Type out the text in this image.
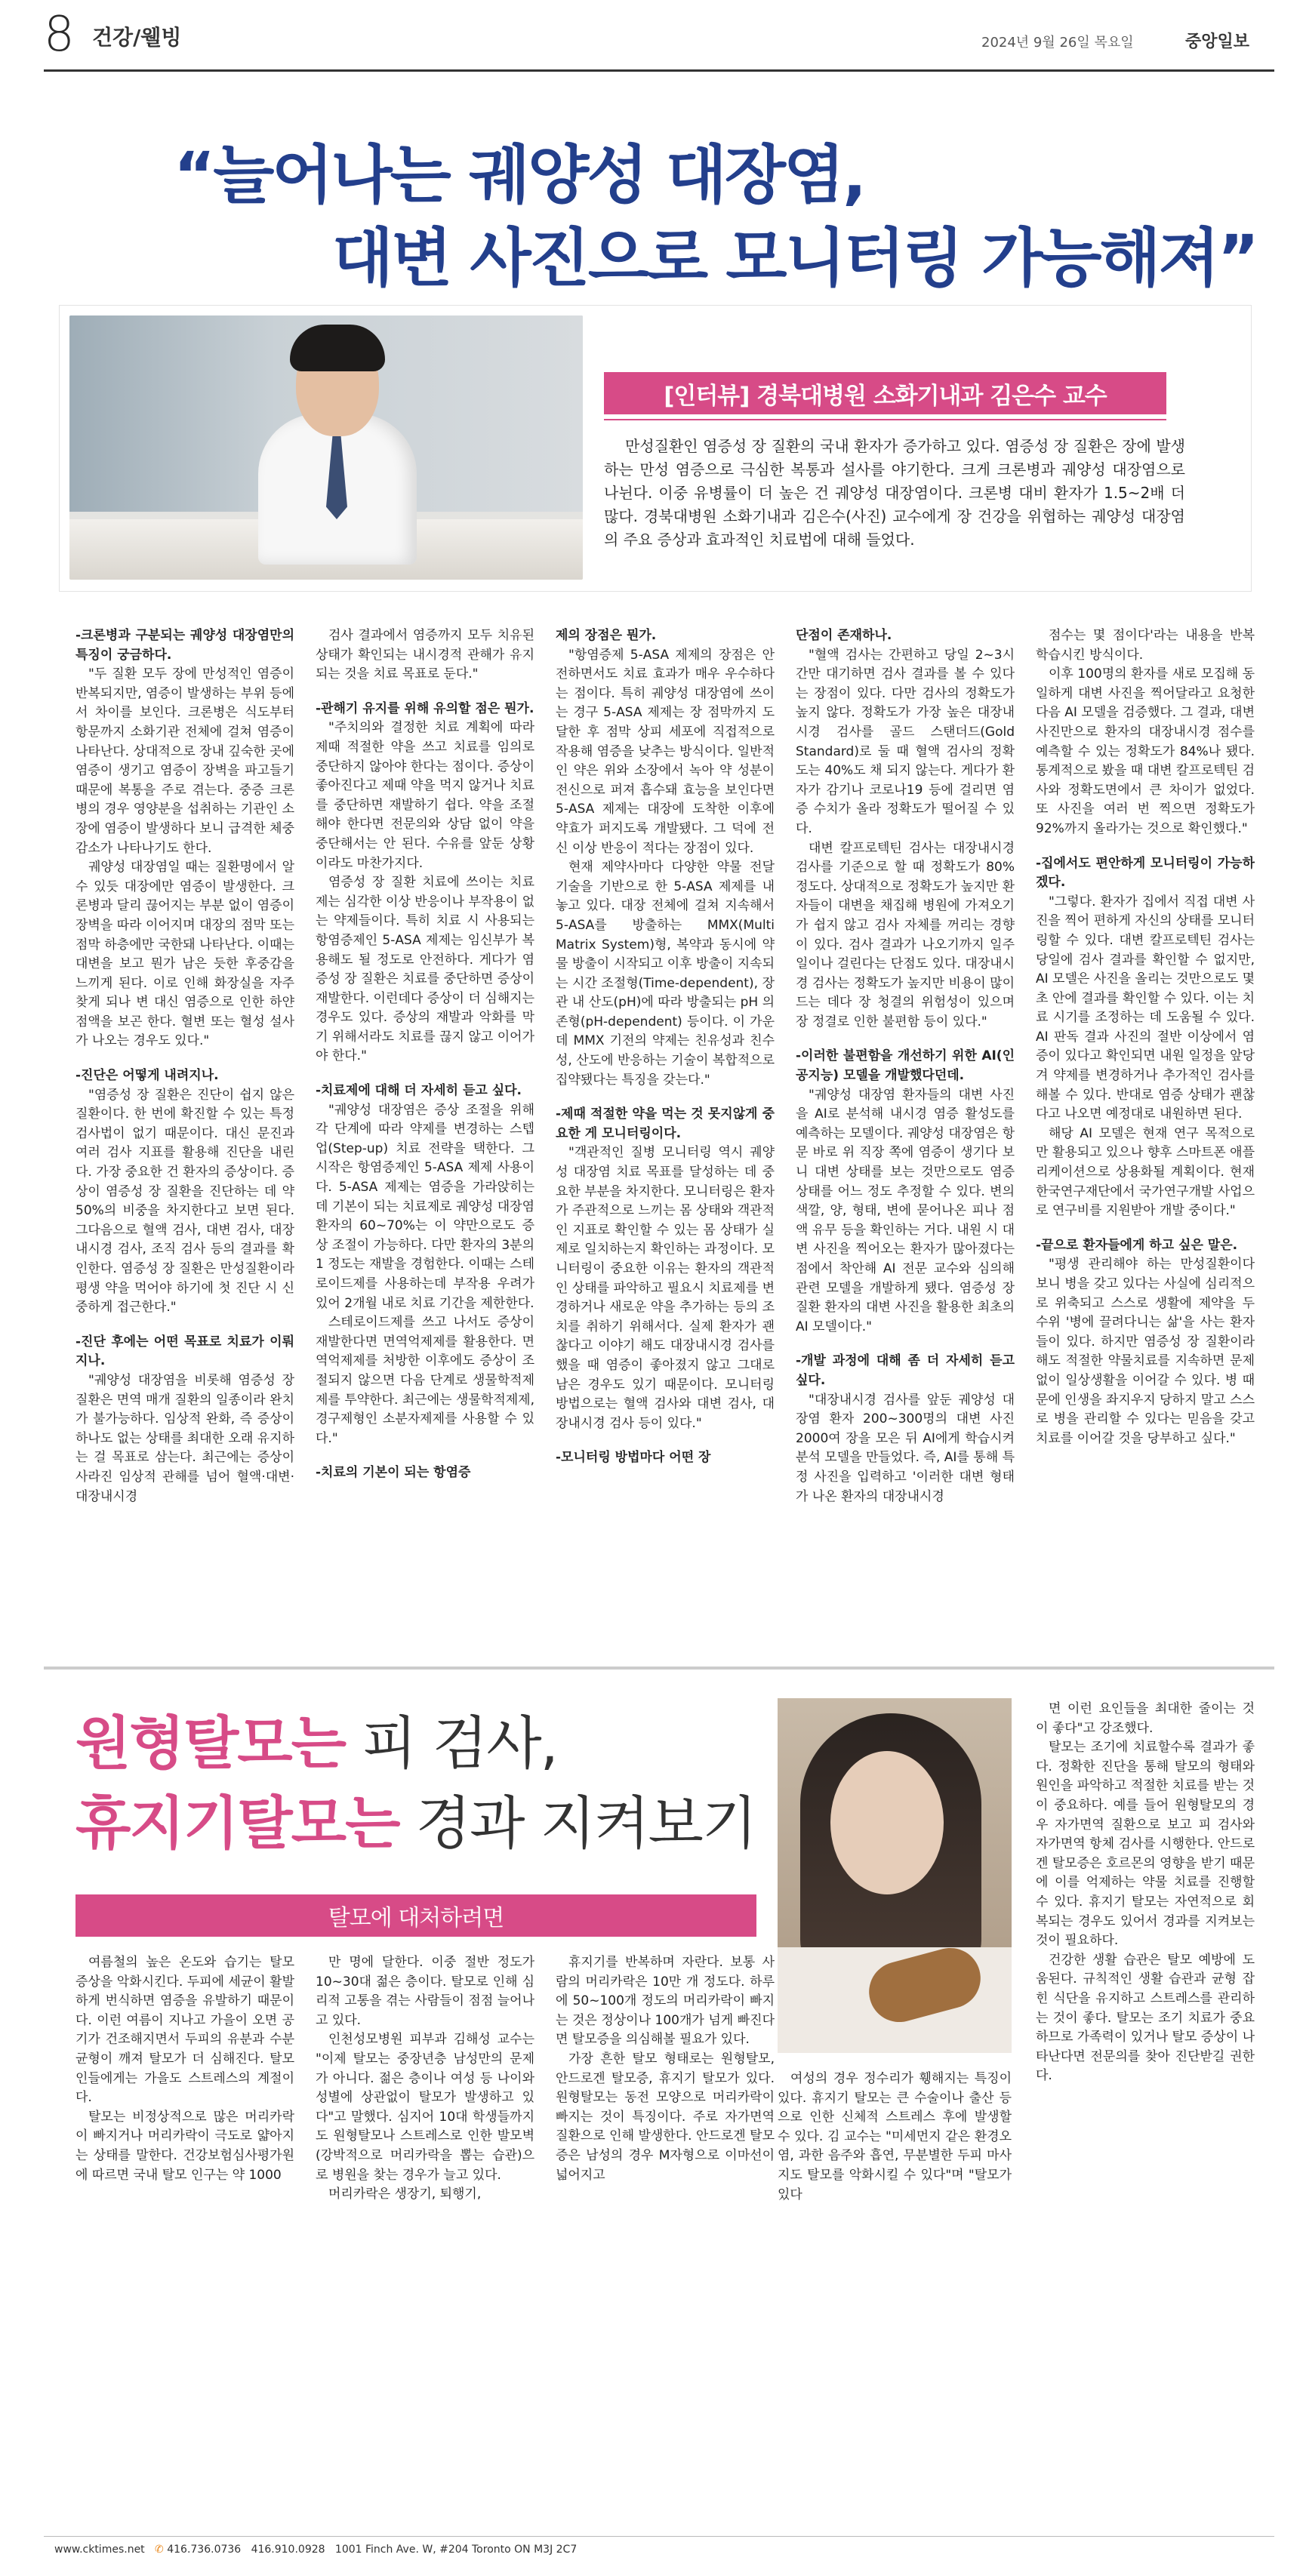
8 건강/웰빙	2024년 9월 26일 목요일	중앙일보
“늘어나는 궤양성 대장염,
대변 사진으로 모니터링 가능해져”
[인터뷰] 경북대병원 소화기내과 김은수 교수
만성질환인 염증성 장 질환의 국내 환자가 증가하고 있다. 염증성 장 질환은 장에 발생하는 만성 염증으로 극심한 복통과 설사를 야기한다. 크게 크론병과 궤양성 대장염으로 나뉜다. 이중 유병률이 더 높은 건 궤양성 대장염이다. 크론병 대비 환자가 1.5~2배 더 많다. 경북대병원 소화기내과 김은수(사진) 교수에게 장 건강을 위협하는 궤양성 대장염의 주요 증상과 효과적인 치료법에 대해 들었다.

-크론병과 구분되는 궤양성 대장염만의 특징이 궁금하다.

"두 질환 모두 장에 만성적인 염증이 반복되지만, 염증이 발생하는 부위 등에서 차이를 보인다. 크론병은 식도부터 항문까지 소화기관 전체에 걸쳐 염증이 나타난다. 상대적으로 장내 깊숙한 곳에 염증이 생기고 염증이 장벽을 파고들기 때문에 복통을 주로 겪는다. 중증 크론병의 경우 영양분을 섭취하는 기관인 소장에 염증이 발생하다 보니 급격한 체중 감소가 나타나기도 한다.

궤양성 대장염일 때는 질환명에서 알 수 있듯 대장에만 염증이 발생한다. 크론병과 달리 끊어지는 부분 없이 염증이 장벽을 따라 이어지며 대장의 점막 또는 점막 하층에만 국한돼 나타난다. 이때는 대변을 보고 뭔가 남은 듯한 후중감을 느끼게 된다. 이로 인해 화장실을 자주 찾게 되나 변 대신 염증으로 인한 하얀 점액을 보곤 한다. 혈변 또는 혈성 설사가 나오는 경우도 있다."

-진단은 어떻게 내려지나.

"염증성 장 질환은 진단이 쉽지 않은 질환이다. 한 번에 확진할 수 있는 특정 검사법이 없기 때문이다. 대신 문진과 여러 검사 지표를 활용해 진단을 내린다. 가장 중요한 건 환자의 증상이다. 증상이 염증성 장 질환을 진단하는 데 약 50%의 비중을 차지한다고 보면 된다. 그다음으로 혈액 검사, 대변 검사, 대장내시경 검사, 조직 검사 등의 결과를 확인한다. 염증성 장 질환은 만성질환이라 평생 약을 먹어야 하기에 첫 진단 시 신중하게 접근한다."

-진단 후에는 어떤 목표로 치료가 이뤄지나.

"궤양성 대장염을 비롯해 염증성 장 질환은 면역 매개 질환의 일종이라 완치가 불가능하다. 임상적 완화, 즉 증상이 하나도 없는 상태를 최대한 오래 유지하는 걸 목표로 삼는다. 최근에는 증상이 사라진 임상적 관해를 넘어 혈액·대변·대장내시경

검사 결과에서 염증까지 모두 치유된 상태가 확인되는 내시경적 관해가 유지되는 것을 치료 목표로 둔다."

-관해기 유지를 위해 유의할 점은 뭔가.

"주치의와 결정한 치료 계획에 따라 제때 적절한 약을 쓰고 치료를 임의로 중단하지 않아야 한다는 점이다. 증상이 좋아진다고 제때 약을 먹지 않거나 치료를 중단하면 재발하기 쉽다. 약을 조절해야 한다면 전문의와 상담 없이 약을 중단해서는 안 된다. 수유를 앞둔 상황이라도 마찬가지다.

염증성 장 질환 치료에 쓰이는 치료제는 심각한 이상 반응이나 부작용이 없는 약제들이다. 특히 치료 시 사용되는 항염증제인 5-ASA 제제는 임신부가 복용해도 될 정도로 안전하다. 게다가 염증성 장 질환은 치료를 중단하면 증상이 재발한다. 이런데다 증상이 더 심해지는 경우도 있다. 증상의 재발과 악화를 막기 위해서라도 치료를 끊지 않고 이어가야 한다."

-치료제에 대해 더 자세히 듣고 싶다.

"궤양성 대장염은 증상 조절을 위해 각 단계에 따라 약제를 변경하는 스텝 업(Step-up) 치료 전략을 택한다. 그 시작은 항염증제인 5-ASA 제제 사용이다. 5-ASA 제제는 염증을 가라앉히는 데 기본이 되는 치료제로 궤양성 대장염 환자의 60~70%는 이 약만으로도 증상 조절이 가능하다. 다만 환자의 3분의 1 정도는 재발을 경험한다. 이때는 스테로이드제를 사용하는데 부작용 우려가 있어 2개월 내로 치료 기간을 제한한다.

스테로이드제를 쓰고 나서도 증상이 재발한다면 면역억제제를 활용한다. 면역억제제를 처방한 이후에도 증상이 조절되지 않으면 다음 단계로 생물학적제제를 투약한다. 최근에는 생물학적제제, 경구제형인 소분자제제를 사용할 수 있다."

-치료의 기본이 되는 항염증

제의 장점은 뭔가.

"항염증제 5-ASA 제제의 장점은 안전하면서도 치료 효과가 매우 우수하다는 점이다. 특히 궤양성 대장염에 쓰이는 경구 5-ASA 제제는 장 점막까지 도달한 후 점막 상피 세포에 직접적으로 작용해 염증을 낮추는 방식이다. 일반적인 약은 위와 소장에서 녹아 약 성분이 전신으로 퍼져 흡수돼 효능을 보인다면 5-ASA 제제는 대장에 도착한 이후에 약효가 퍼지도록 개발됐다. 그 덕에 전신 이상 반응이 적다는 장점이 있다.

현재 제약사마다 다양한 약물 전달 기술을 기반으로 한 5-ASA 제제를 내놓고 있다. 대장 전체에 걸쳐 지속해서 5-ASA를 방출하는 MMX(Multi Matrix System)형, 복약과 동시에 약물 방출이 시작되고 이후 방출이 지속되는 시간 조절형(Time-dependent), 장관 내 산도(pH)에 따라 방출되는 pH 의존형(pH-dependent) 등이다. 이 가운데 MMX 기전의 약제는 친유성과 친수성, 산도에 반응하는 기술이 복합적으로 집약됐다는 특징을 갖는다."

-제때 적절한 약을 먹는 것 못지않게 중요한 게 모니터링이다.

"객관적인 질병 모니터링 역시 궤양성 대장염 치료 목표를 달성하는 데 중요한 부분을 차지한다. 모니터링은 환자가 주관적으로 느끼는 몸 상태와 객관적인 지표로 확인할 수 있는 몸 상태가 실제로 일치하는지 확인하는 과정이다. 모니터링이 중요한 이유는 환자의 객관적인 상태를 파악하고 필요시 치료제를 변경하거나 새로운 약을 추가하는 등의 조치를 취하기 위해서다. 실제 환자가 괜찮다고 이야기 해도 대장내시경 검사를 했을 때 염증이 좋아졌지 않고 그대로 남은 경우도 있기 때문이다. 모니터링 방법으로는 혈액 검사와 대변 검사, 대장내시경 검사 등이 있다."

-모니터링 방법마다 어떤 장

단점이 존재하나.

"혈액 검사는 간편하고 당일 2~3시간만 대기하면 검사 결과를 볼 수 있다는 장점이 있다. 다만 검사의 정확도가 높지 않다. 정확도가 가장 높은 대장내시경 검사를 골드 스탠더드(Gold Standard)로 둘 때 혈액 검사의 정확도는 40%도 채 되지 않는다. 게다가 환자가 감기나 코로나19 등에 걸리면 염증 수치가 올라 정확도가 떨어질 수 있다.

대변 칼프로텍틴 검사는 대장내시경 검사를 기준으로 할 때 정확도가 80% 정도다. 상대적으로 정확도가 높지만 환자들이 대변을 채집해 병원에 가져오기가 쉽지 않고 검사 자체를 꺼리는 경향이 있다. 검사 결과가 나오기까지 일주일이나 걸린다는 단점도 있다. 대장내시경 검사는 정확도가 높지만 비용이 많이 드는 데다 장 청결의 위험성이 있으며 장 정결로 인한 불편함 등이 있다."

-이러한 불편함을 개선하기 위한 AI(인공지능) 모델을 개발했다던데.

"궤양성 대장염 환자들의 대변 사진을 AI로 분석해 내시경 염증 활성도를 예측하는 모델이다. 궤양성 대장염은 항문 바로 위 직장 쪽에 염증이 생기다 보니 대변 상태를 보는 것만으로도 염증 상태를 어느 정도 추정할 수 있다. 변의 색깔, 양, 형태, 변에 묻어나온 피나 점액 유무 등을 확인하는 거다. 내원 시 대변 사진을 찍어오는 환자가 많아졌다는 점에서 착안해 AI 전문 교수와 심의해 관련 모델을 개발하게 됐다. 염증성 장 질환 환자의 대변 사진을 활용한 최초의 AI 모델이다."

-개발 과정에 대해 좀 더 자세히 듣고 싶다.

"대장내시경 검사를 앞둔 궤양성 대장염 환자 200~300명의 대변 사진 2000여 장을 모은 뒤 AI에게 학습시켜 분석 모델을 만들었다. 즉, AI를 통해 특정 사진을 입력하고 '이러한 대변 형태가 나온 환자의 대장내시경

점수는 몇 점이다'라는 내용을 반복 학습시킨 방식이다.

이후 100명의 환자를 새로 모집해 동일하게 대변 사진을 찍어달라고 요청한 다음 AI 모델을 검증했다. 그 결과, 대변 사진만으로 환자의 대장내시경 점수를 예측할 수 있는 정확도가 84%나 됐다. 통계적으로 봤을 때 대변 칼프로텍틴 검사와 정확도면에서 큰 차이가 없었다. 또 사진을 여러 번 찍으면 정확도가 92%까지 올라가는 것으로 확인했다."

-집에서도 편안하게 모니터링이 가능하겠다.

"그렇다. 환자가 집에서 직접 대변 사진을 찍어 편하게 자신의 상태를 모니터링할 수 있다. 대변 칼프로텍틴 검사는 당일에 검사 결과를 확인할 수 없지만, AI 모델은 사진을 올리는 것만으로도 몇 초 안에 결과를 확인할 수 있다. 이는 치료 시기를 조정하는 데 도움될 수 있다. AI 판독 결과 사진의 절반 이상에서 염증이 있다고 확인되면 내원 일정을 앞당겨 약제를 변경하거나 추가적인 검사를 해볼 수 있다. 반대로 염증 상태가 괜찮다고 나오면 예정대로 내원하면 된다.

해당 AI 모델은 현재 연구 목적으로만 활용되고 있으나 향후 스마트폰 애플리케이션으로 상용화될 계획이다. 현재 한국연구재단에서 국가연구개발 사업으로 연구비를 지원받아 개발 중이다."

-끝으로 환자들에게 하고 싶은 말은.

"평생 관리해야 하는 만성질환이다 보니 병을 갖고 있다는 사실에 심리적으로 위축되고 스스로 생활에 제약을 두 수위 '병에 끌려다니는 삶'을 사는 환자들이 있다. 하지만 염증성 장 질환이라 해도 적절한 약물치료를 지속하면 문제 없이 일상생활을 이어갈 수 있다. 병 때문에 인생을 좌지우지 당하지 말고 스스로 병을 관리할 수 있다는 믿음을 갖고 치료를 이어갈 것을 당부하고 싶다."

원형탈모는 피 검사,
휴지기탈모는 경과 지켜보기
탈모에 대처하려면

여름철의 높은 온도와 습기는 탈모 증상을 악화시킨다. 두피에 세균이 활발하게 번식하면 염증을 유발하기 때문이다. 이런 여름이 지나고 가을이 오면 공기가 건조해지면서 두피의 유분과 수분 균형이 깨져 탈모가 더 심해진다. 탈모인들에게는 가을도 스트레스의 계절이다.

탈모는 비정상적으로 많은 머리카락이 빠지거나 머리카락이 극도로 얇아지는 상태를 말한다. 건강보험심사평가원에 따르면 국내 탈모 인구는 약 1000

만 명에 달한다. 이중 절반 정도가 10~30대 젊은 층이다. 탈모로 인해 심리적 고통을 겪는 사람들이 점점 늘어나고 있다.

인천성모병원 피부과 김해성 교수는 "이제 탈모는 중장년층 남성만의 문제가 아니다. 젊은 층이나 여성 등 나이와 성별에 상관없이 탈모가 발생하고 있다"고 말했다. 심지어 10대 학생들까지도 원형탈모나 스트레스로 인한 발모벽(강박적으로 머리카락을 뽑는 습관)으로 병원을 찾는 경우가 늘고 있다.

머리카락은 생장기, 퇴행기,

휴지기를 반복하며 자란다. 보통 사람의 머리카락은 10만 개 정도다. 하루에 50~100개 정도의 머리카락이 빠지는 것은 정상이나 100개가 넘게 빠진다면 탈모증을 의심해볼 필요가 있다.

가장 흔한 탈모 형태로는 원형탈모, 안드로겐 탈모증, 휴지기 탈모가 있다. 원형탈모는 동전 모양으로 머리카락이 빠지는 것이 특징이다. 주로 자가면역 질환으로 인해 발생한다. 안드로겐 탈모증은 남성의 경우 M자형으로 이마선이 넓어지고

여성의 경우 정수리가 휑해지는 특징이 있다. 휴지기 탈모는 큰 수술이나 출산 등으로 인한 신체적 스트레스 후에 발생할 수 있다. 김 교수는 "미세먼지 같은 환경오염, 과한 음주와 흡연, 무분별한 두피 마사지도 탈모를 악화시킬 수 있다"며 "탈모가 있다

면 이런 요인들을 최대한 줄이는 것이 좋다"고 강조했다.

탈모는 조기에 치료할수록 결과가 좋다. 정확한 진단을 통해 탈모의 형태와 원인을 파악하고 적절한 치료를 받는 것이 중요하다. 예를 들어 원형탈모의 경우 자가면역 질환으로 보고 피 검사와 자가면역 항체 검사를 시행한다. 안드로겐 탈모증은 호르몬의 영향을 받기 때문에 이를 억제하는 약물 치료를 진행할 수 있다. 휴지기 탈모는 자연적으로 회복되는 경우도 있어서 경과를 지켜보는 것이 필요하다.

건강한 생활 습관은 탈모 예방에 도움된다. 규칙적인 생활 습관과 균형 잡힌 식단을 유지하고 스트레스를 관리하는 것이 좋다. 탈모는 조기 치료가 중요하므로 가족력이 있거나 탈모 증상이 나타난다면 전문의를 찾아 진단받길 권한다.

www.cktimes.net ✆ 416.736.0736 416.910.0928 1001 Finch Ave. W, #204 Toronto ON M3J 2C7
